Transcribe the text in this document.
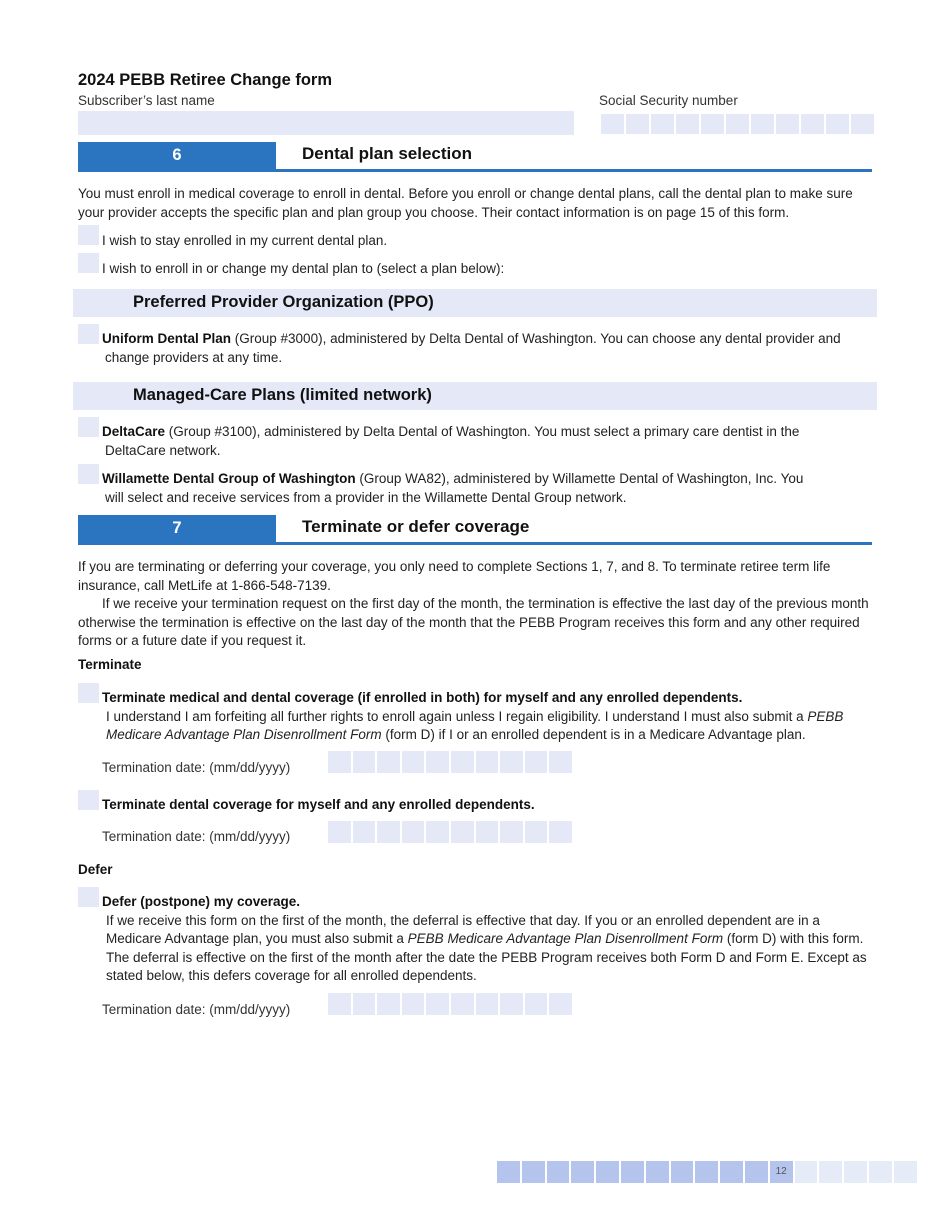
2024 PEBB Retiree Change form
Subscriber’s last name	Social Security number
6	Dental plan selection
You must enroll in medical coverage to enroll in dental. Before you enroll or change dental plans, call the dental plan to make sure your provider accepts the specific plan and plan group you choose. Their contact information is on page 15 of this form.
I wish to stay enrolled in my current dental plan.
I wish to enroll in or change my dental plan to (select a plan below):
Preferred Provider Organization (PPO)
Uniform Dental Plan (Group #3000), administered by Delta Dental of Washington. You can choose any dental provider and
change providers at any time.
Managed-Care Plans (limited network)
DeltaCare (Group #3100), administered by Delta Dental of Washington. You must select a primary care dentist in the
DeltaCare network.
Willamette Dental Group of Washington (Group WA82), administered by Willamette Dental of Washington, Inc. You
will select and receive services from a provider in the Willamette Dental Group network.
7	Terminate or defer coverage
If you are terminating or deferring your coverage, you only need to complete Sections 1, 7, and 8. To terminate retiree term life insurance, call MetLife at 1-866-548-7139.
If we receive your termination request on the first day of the month, the termination is effective the last day of the previous month otherwise the termination is effective on the last day of the month that the PEBB Program receives this form and any other required forms or a future date if you request it.
Terminate
Terminate medical and dental coverage (if enrolled in both) for myself and any enrolled dependents.
I understand I am forfeiting all further rights to enroll again unless I regain eligibility. I understand I must also submit a PEBB Medicare Advantage Plan Disenrollment Form (form D) if I or an enrolled dependent is in a Medicare Advantage plan.
Termination date: (mm/dd/yyyy)
Terminate dental coverage for myself and any enrolled dependents.
Termination date: (mm/dd/yyyy)
Defer
Defer (postpone) my coverage.
If we receive this form on the first of the month, the deferral is effective that day. If you or an enrolled dependent are in a Medicare Advantage plan, you must also submit a PEBB Medicare Advantage Plan Disenrollment Form (form D) with this form. The deferral is effective on the first of the month after the date the PEBB Program receives both Form D and Form E. Except as stated below, this defers coverage for all enrolled dependents.
Termination date: (mm/dd/yyyy)
12
